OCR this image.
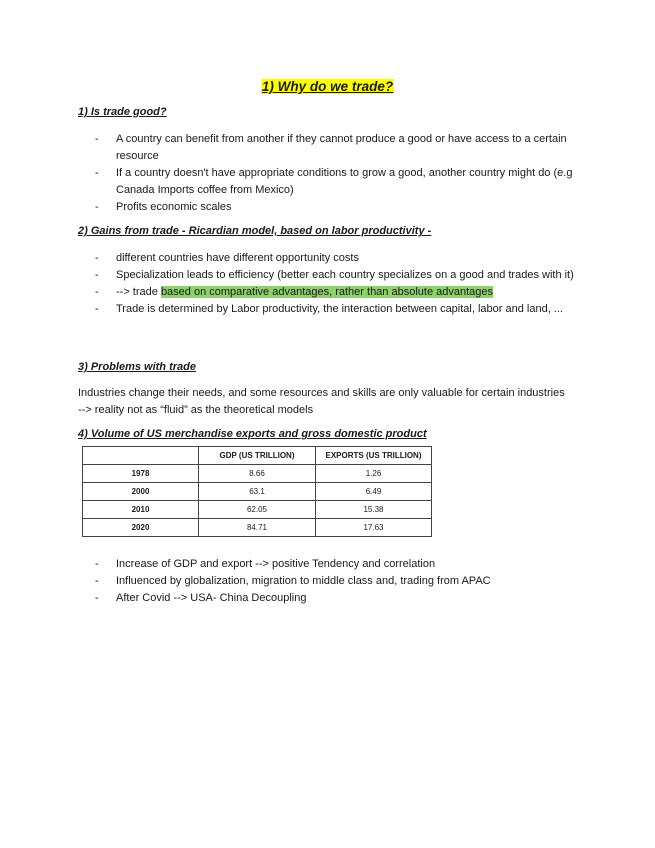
1) Why do we trade?

1) Is trade good?

- A country can benefit from another if they cannot produce a good or have access to a certain resource
- If a country doesn't have appropriate conditions to grow a good, another country might do (e.g Canada Imports coffee from Mexico)
- Profits economic scales

2) Gains from trade - Ricardian model, based on labor productivity -

- different countries have different opportunity costs
- Specialization leads to efficiency (better each country specializes on a good and trades with it)
- --> trade based on comparative advantages, rather than absolute advantages
- Trade is determined by Labor productivity, the interaction between capital, labor and land, ...

3) Problems with trade

Industries change their needs, and some resources and skills are only valuable for certain industries --> reality not as “fluid” as the theoretical models

4) Volume of US merchandise exports and gross domestic product

	GDP (US TRILLION)	EXPORTS (US TRILLION)
1978	8.66	1.26
2000	63.1	6.49
2010	62.05	15.38
2020	84.71	17.63
- Increase of GDP and export --> positive Tendency and correlation
- Influenced by globalization, migration to middle class and, trading from APAC
- After Covid --> USA- China Decoupling
